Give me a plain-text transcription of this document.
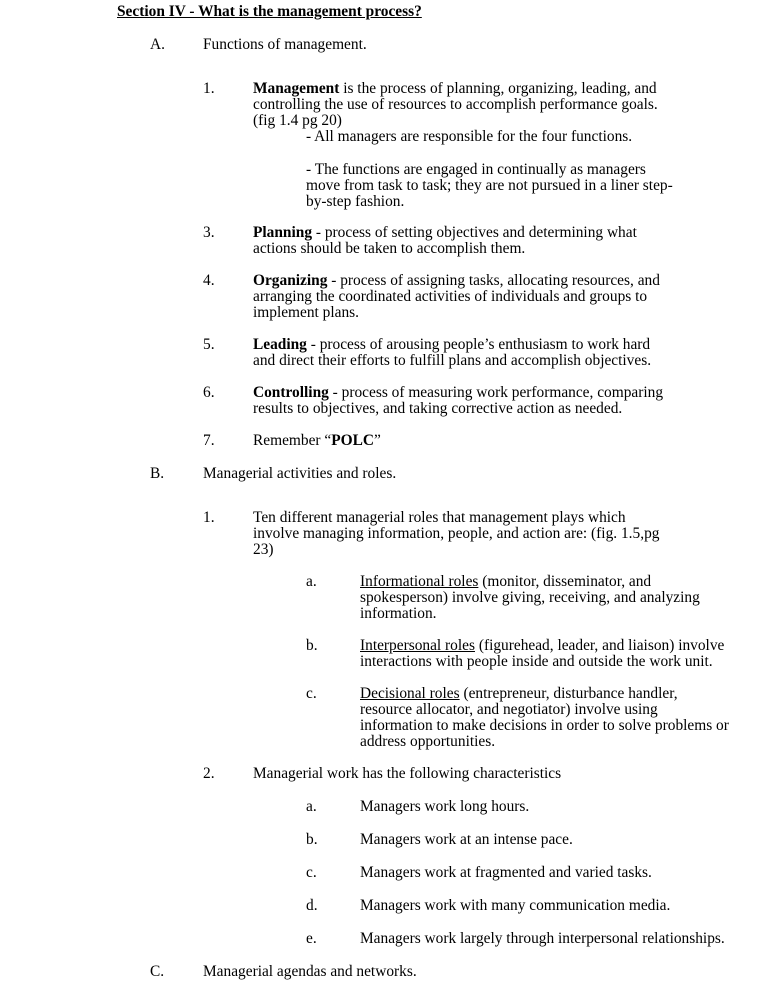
Section IV - What is the management process?
A. Functions of management.
1. Management is the process of planning, organizing, leading, and
controlling the use of resources to accomplish performance goals.
(fig 1.4 pg 20)
- All managers are responsible for the four functions.
- The functions are engaged in continually as managers
move from task to task; they are not pursued in a liner step-
by-step fashion.
3. Planning - process of setting objectives and determining what
actions should be taken to accomplish them.
4. Organizing - process of assigning tasks, allocating resources, and
arranging the coordinated activities of individuals and groups to
implement plans.
5. Leading - process of arousing people’s enthusiasm to work hard
and direct their efforts to fulfill plans and accomplish objectives.
6. Controlling - process of measuring work performance, comparing
results to objectives, and taking corrective action as needed.
7. Remember “POLC”
B.	Managerial activities and roles.
1. Ten different managerial roles that management plays which
involve managing information, people, and action are: (fig. 1.5,pg
23)
a.	Informational roles (monitor, disseminator, and
spokesperson) involve giving, receiving, and analyzing
information.
b.	Interpersonal roles (figurehead, leader, and liaison) involve
interactions with people inside and outside the work unit.
c.	Decisional roles (entrepreneur, disturbance handler,
resource allocator, and negotiator) involve using
information to make decisions in order to solve problems or
address opportunities.
2. Managerial work has the following characteristics
a.	Managers work long hours.
b.	Managers work at an intense pace.
c.	Managers work at fragmented and varied tasks.
d.	Managers work with many communication media.
e.	Managers work largely through interpersonal relationships.
C.	Managerial agendas and networks.
